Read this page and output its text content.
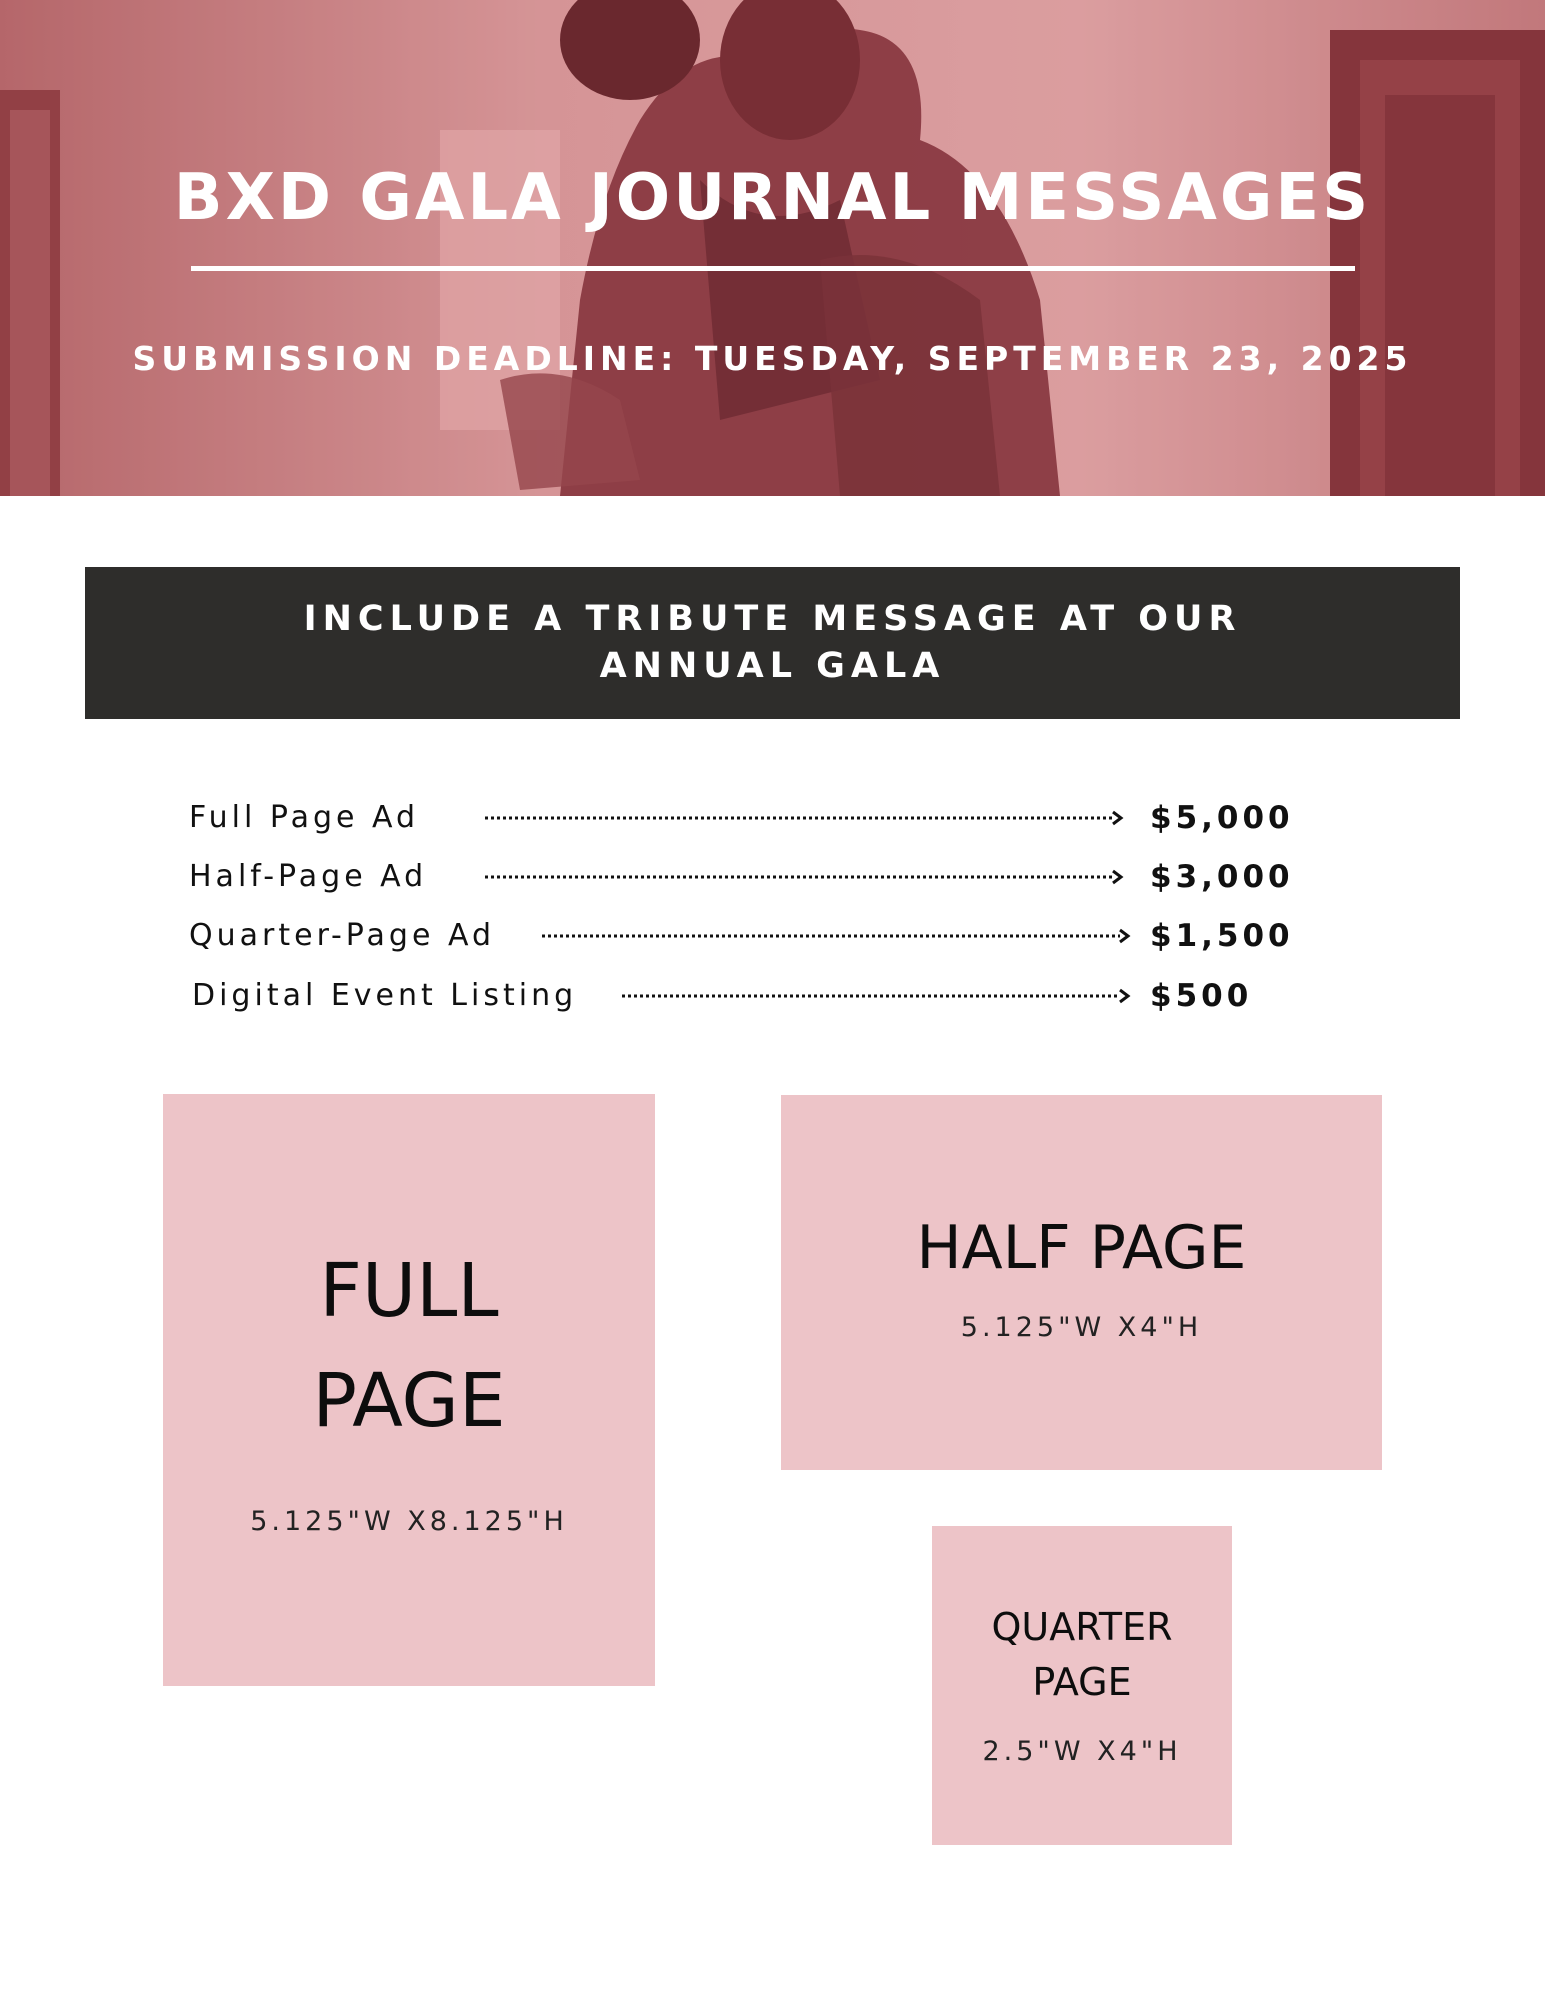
BXD GALA JOURNAL MESSAGES
SUBMISSION DEADLINE: TUESDAY, SEPTEMBER 23, 2025
INCLUDE A TRIBUTE MESSAGE AT OUR
ANNUAL GALA
Full Page Ad	$5,000
Half-Page Ad	$3,000
Quarter-Page Ad	$1,500
Digital Event Listing	$500
FULL
PAGE
5.125"W X8.125"H
HALF PAGE
5.125"W X4"H
QUARTER
PAGE
2.5"W X4"H
